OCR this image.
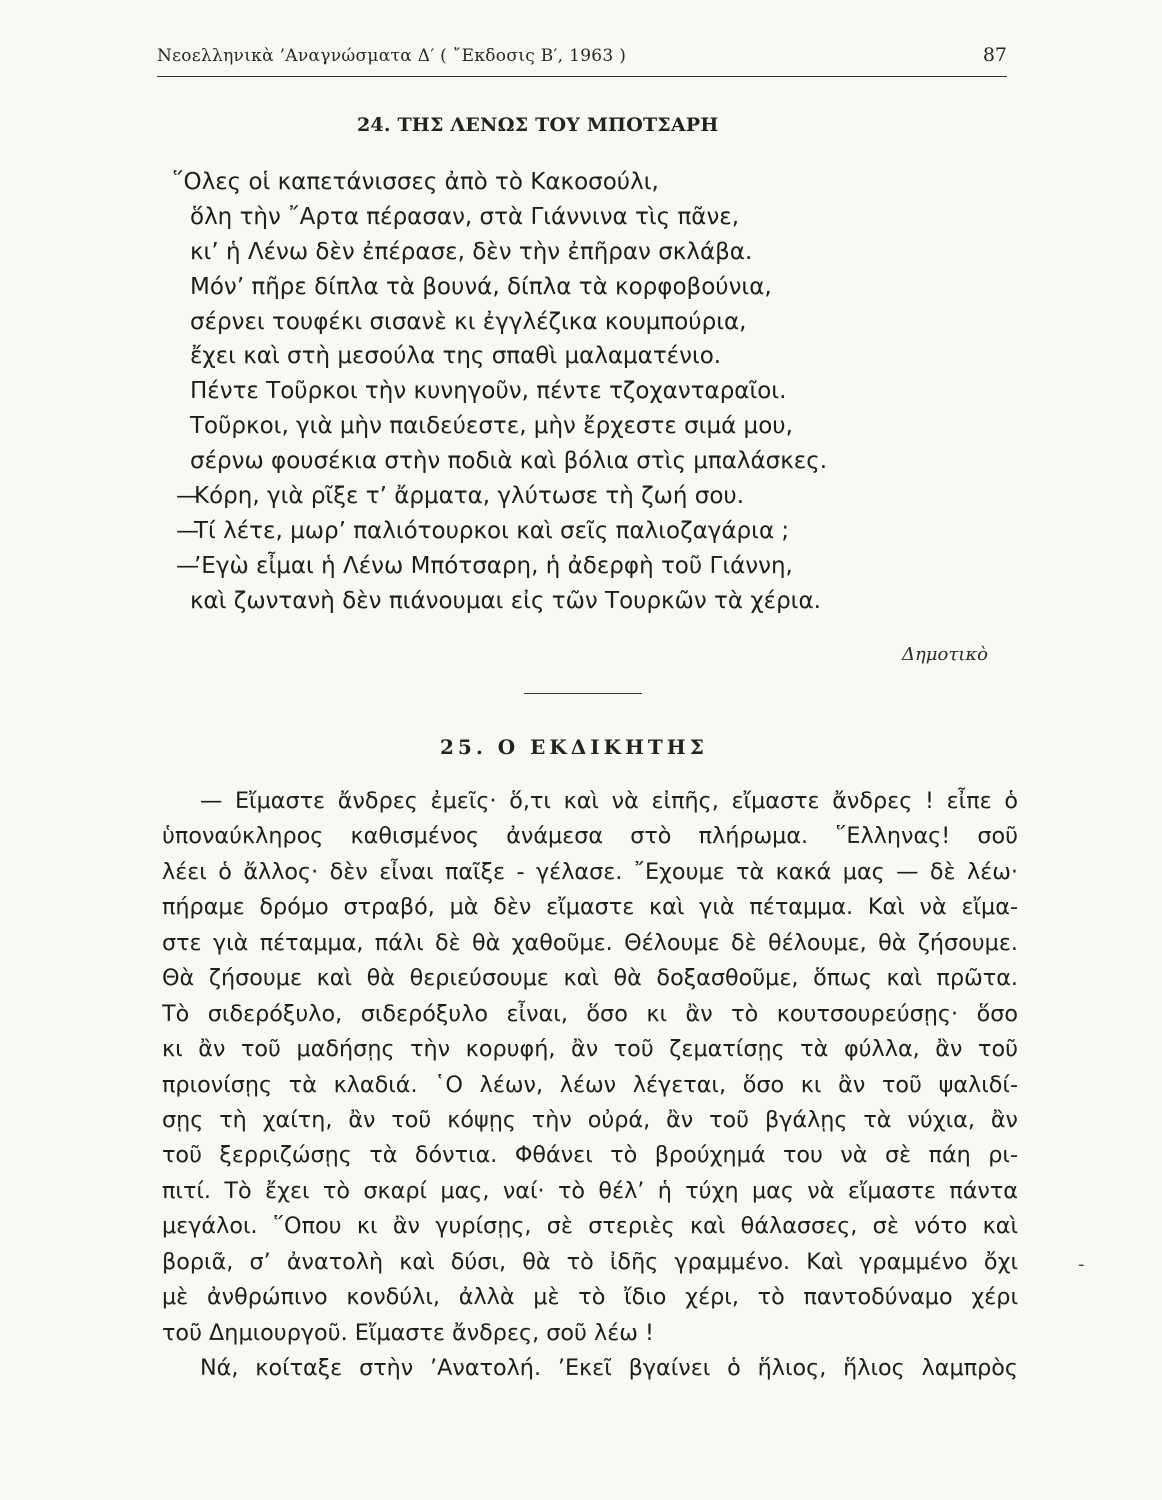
Νεοελληνικὰ ’Αναγνώσματα Δ′ ( ῎Εκδοσις Β′, 1963 )	87
24. ΤΗΣ ΛΕΝΩΣ ΤΟΥ ΜΠΟΤΣΑΡΗ
῞Ολες οἱ καπετάνισσες ἀπὸ τὸ Κακοσούλι,
ὅλη τὴν ῎Αρτα πέρασαν, στὰ Γιάννινα τὶς πᾶνε,
κι’ ἡ Λένω δὲν ἐπέρασε, δὲν τὴν ἐπῆραν σκλάβα.
Μόν’ πῆρε δίπλα τὰ βουνά, δίπλα τὰ κορφοβούνια,
σέρνει τουφέκι σισανὲ κι ἐγγλέζικα κουμπούρια,
ἔχει καὶ στὴ μεσούλα της σπαθὶ μαλαματένιο.
Πέντε Τοῦρκοι τὴν κυνηγοῦν, πέντε τζοχανταραῖοι.
Τοῦρκοι, γιὰ μὴν παιδεύεστε, μὴν ἔρχεστε σιμά μου,
σέρνω φουσέκια στὴν ποδιὰ καὶ βόλια στὶς μπαλάσκες.
—Κόρη, γιὰ ρῖξε τ’ ἄρματα, γλύτωσε τὴ ζωή σου.
—Τί λέτε, μωρ’ παλιότουρκοι καὶ σεῖς παλιοζαγάρια ;
—’Εγὼ εἶμαι ἡ Λένω Μπότσαρη, ἡ ἀδερφὴ τοῦ Γιάννη,
καὶ ζωντανὴ δὲν πιάνουμαι εἰς τῶν Τουρκῶν τὰ χέρια.
Δημοτικὸ
25. Ο ΕΚΔΙΚΗΤΗΣ
— Εἴμαστε ἄνδρες ἐμεῖς· ὅ,τι καὶ νὰ εἰπῆς, εἴμαστε ἄνδρες ! εἶπε ὁ
ὑποναύκληρος καθισμένος ἀνάμεσα στὸ πλήρωμα. ῞Ελληνας! σοῦ
λέει ὁ ἄλλος· δὲν εἶναι παῖξε - γέλασε. ῎Εχουμε τὰ κακά μας — δὲ λέω·
πήραμε δρόμο στραβό, μὰ δὲν εἴμαστε καὶ γιὰ πέταμμα. Καὶ νὰ εἴμα-
στε γιὰ πέταμμα, πάλι δὲ θὰ χαθοῦμε. Θέλουμε δὲ θέλουμε, θὰ ζήσουμε.
Θὰ ζήσουμε καὶ θὰ θεριεύσουμε καὶ θὰ δοξασθοῦμε, ὅπως καὶ πρῶτα.
Τὸ σιδερόξυλο, σιδερόξυλο εἶναι, ὅσο κι ἂν τὸ κουτσουρεύσῃς· ὅσο
κι ἂν τοῦ μαδήσῃς τὴν κορυφή, ἂν τοῦ ζεματίσῃς τὰ φύλλα, ἂν τοῦ
πριονίσῃς τὰ κλαδιά. ῾Ο λέων, λέων λέγεται, ὅσο κι ἂν τοῦ ψαλιδί-
σῃς τὴ χαίτη, ἂν τοῦ κόψῃς τὴν οὐρά, ἂν τοῦ βγάλῃς τὰ νύχια, ἂν
τοῦ ξερριζώσῃς τὰ δόντια. Φθάνει τὸ βρούχημά του νὰ σὲ πάη ρι-
πιτί. Τὸ ἔχει τὸ σκαρί μας, ναί· τὸ θέλ’ ἡ τύχη μας νὰ εἴμαστε πάντα
μεγάλοι. ῞Οπου κι ἂν γυρίσῃς, σὲ στεριὲς καὶ θάλασσες, σὲ νότο καὶ
βοριᾶ, σ’ ἀνατολὴ καὶ δύσι, θὰ τὸ ἰδῆς γραμμένο. Καὶ γραμμένο ὄχι
μὲ ἀνθρώπινο κονδύλι, ἀλλὰ μὲ τὸ ἴδιο χέρι, τὸ παντοδύναμο χέρι
τοῦ Δημιουργοῦ. Εἴμαστε ἄνδρες, σοῦ λέω !
Νά, κοίταξε στὴν ’Ανατολή. ’Εκεῖ βγαίνει ὁ ἥλιος, ἥλιος λαμπρὸς
-
